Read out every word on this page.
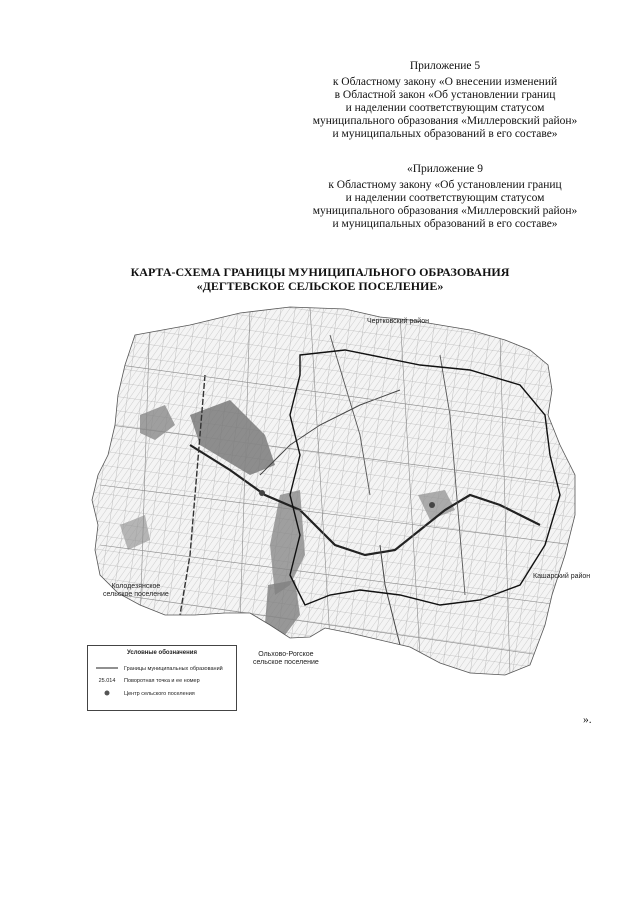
Приложение 5
к Областному закону «О внесении изменений
в Областной закон «Об установлении границ
и наделении соответствующим статусом
муниципального образования «Миллеровский район»
и муниципальных образований в его составе»
«Приложение 9
к Областному закону «Об установлении границ
и наделении соответствующим статусом
муниципального образования «Миллеровский район»
и муниципальных образований в его составе»
КАРТА-СХЕМА ГРАНИЦЫ МУНИЦИПАЛЬНОГО ОБРАЗОВАНИЯ
«ДЕГТЕВСКОЕ СЕЛЬСКОЕ ПОСЕЛЕНИЕ»
Чертковский район
Кашарский район
Колодезянское
сельское поселение
Ольхово-Рогское
сельское поселение
Условные обозначения
Границы муниципальных образований
25.014	Поворотная точка и ее номер
Центр сельского поселения
».
